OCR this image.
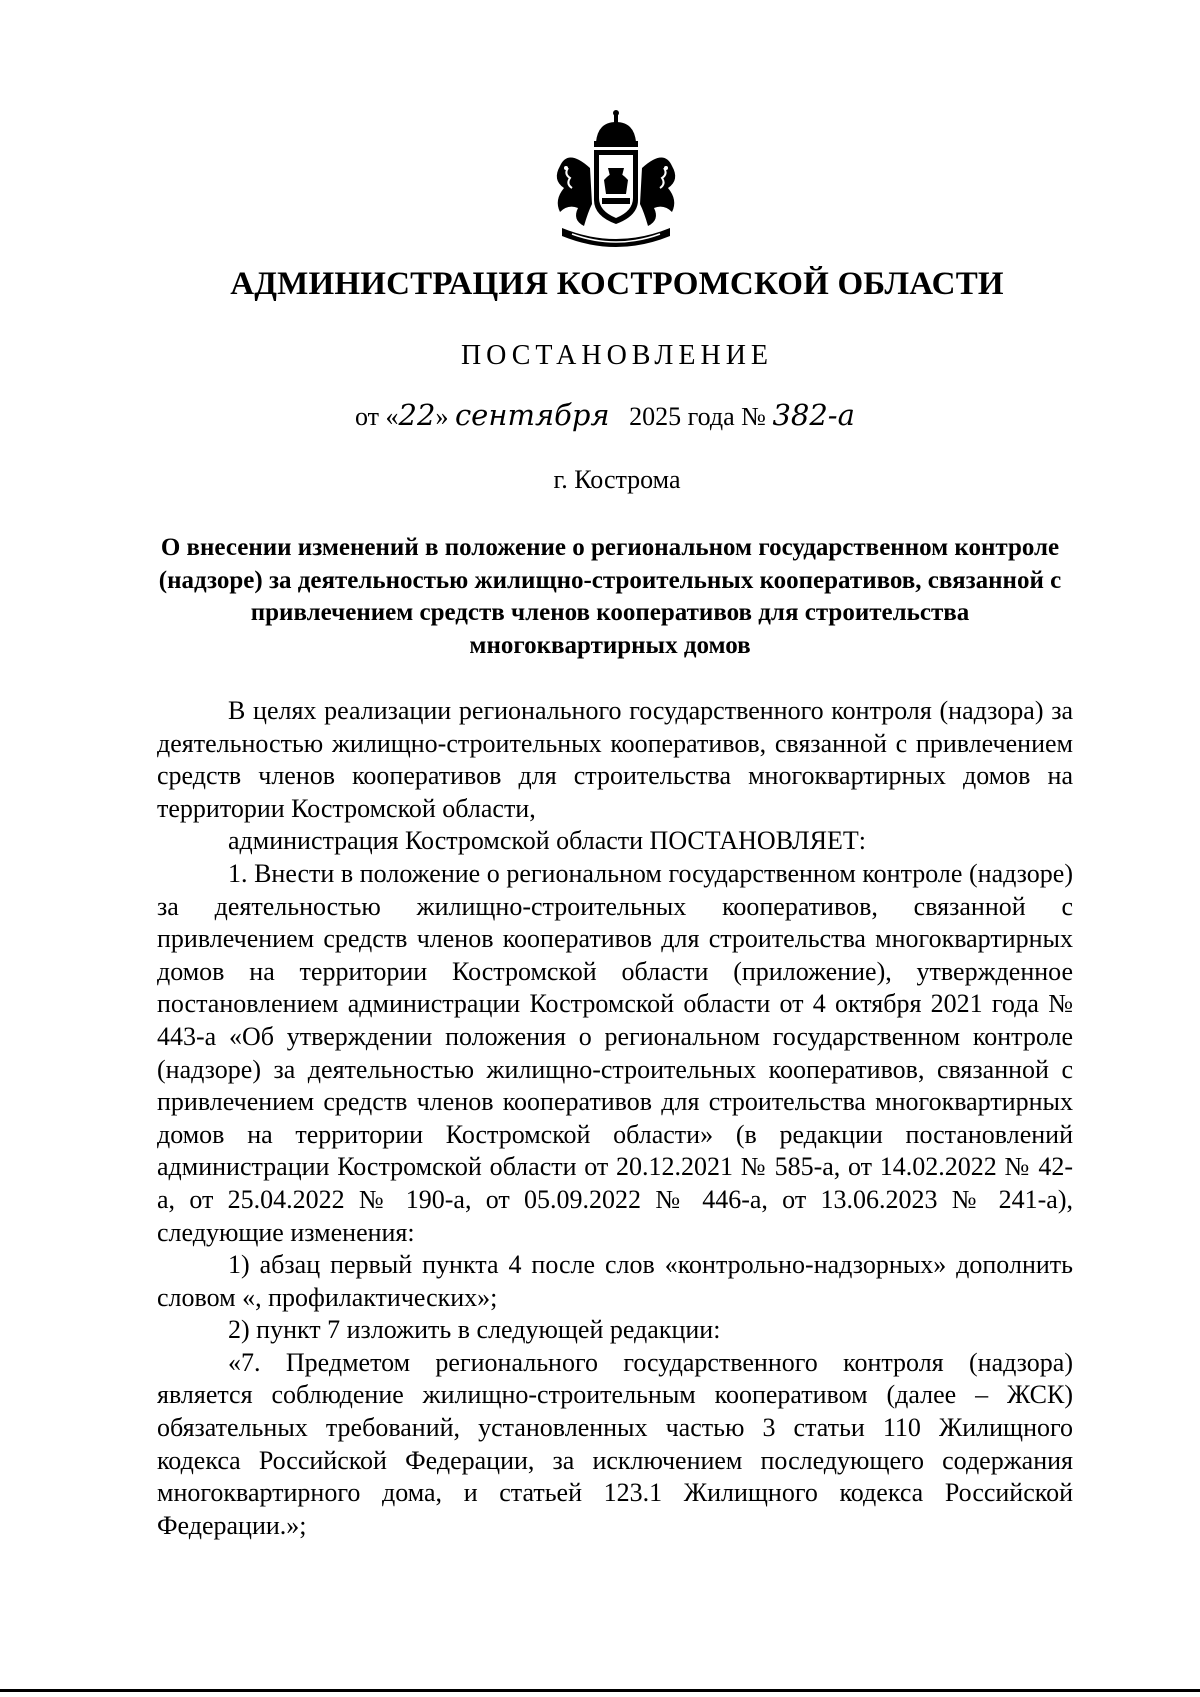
АДМИНИСТРАЦИЯ КОСТРОМСКОЙ ОБЛАСТИ
ПОСТАНОВЛЕНИЕ
от «22» сентября 2025 года № 382-а
г. Кострома
О внесении изменений в положение о региональном государственном контроле (надзоре) за деятельностью жилищно-строительных кооперативов, связанной с привлечением средств членов кооперативов для строительства многоквартирных домов

В целях реализации регионального государственного контроля (надзора) за деятельностью жилищно-строительных кооперативов, связанной с привлечением средств членов кооперативов для строительства многоквартирных домов на территории Костромской области,

администрация Костромской области ПОСТАНОВЛЯЕТ:

1. Внести в положение о региональном государственном контроле (надзоре) за деятельностью жилищно-строительных кооперативов, связанной с привлечением средств членов кооперативов для строительства многоквартирных домов на территории Костромской области (приложение), утвержденное постановлением администрации Костромской области от 4 октября 2021 года № 443-а «Об утверждении положения о региональном государственном контроле (надзоре) за деятельностью жилищно-строительных кооперативов, связанной с привлечением средств членов кооперативов для строительства многоквартирных домов на территории Костромской области» (в редакции постановлений администрации Костромской области от 20.12.2021 № 585-а, от 14.02.2022 № 42-а, от 25.04.2022 № 190-а, от 05.09.2022 № 446-а, от 13.06.2023 № 241-а), следующие изменения:

1) абзац первый пункта 4 после слов «контрольно-надзорных» дополнить словом «, профилактических»;

2) пункт 7 изложить в следующей редакции:

«7. Предметом регионального государственного контроля (надзора) является соблюдение жилищно-строительным кооперативом (далее – ЖСК) обязательных требований, установленных частью 3 статьи 110 Жилищного кодекса Российской Федерации, за исключением последующего содержания многоквартирного дома, и статьей 123.1 Жилищного кодекса Российской Федерации.»;
